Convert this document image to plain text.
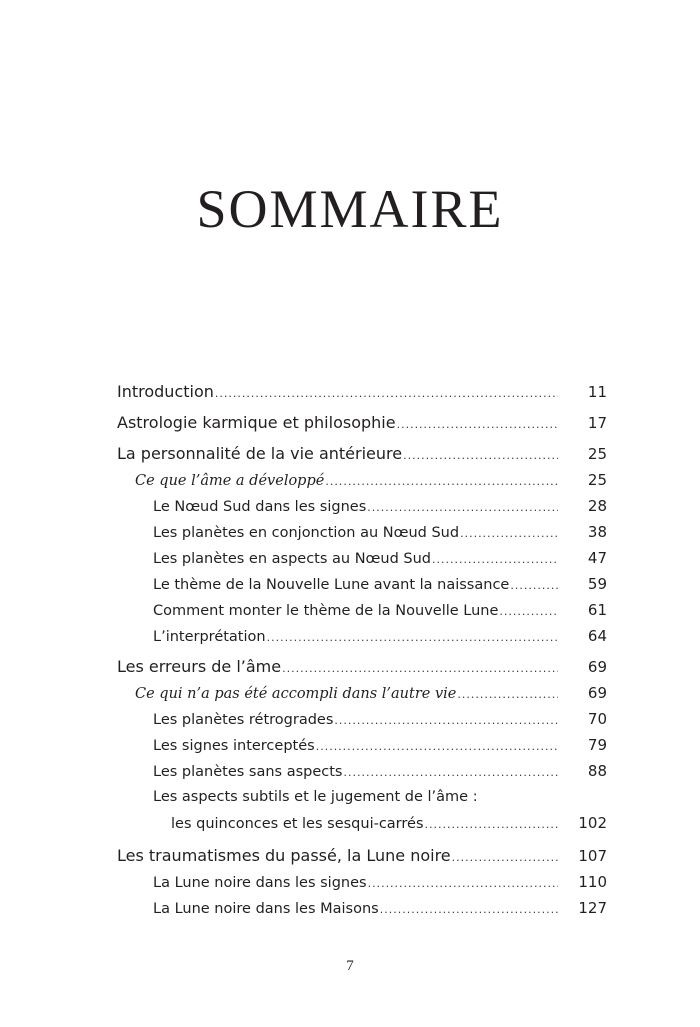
SOMMAIRE
Introduction .....	11
Astrologie karmique et philosophie .....	17
La personnalité de la vie antérieure .....	25
Ce que l’âme a développé .....	25
Le Nœud Sud dans les signes .....	28
Les planètes en conjonction au Nœud Sud .....	38
Les planètes en aspects au Nœud Sud .....	47
Le thème de la Nouvelle Lune avant la naissance .....	59
Comment monter le thème de la Nouvelle Lune .....	61
L’interprétation .....	64
Les erreurs de l’âme .....	69
Ce qui n’a pas été accompli dans l’autre vie .....	69
Les planètes rétrogrades .....	70
Les signes interceptés .....	79
Les planètes sans aspects .....	88
Les aspects subtils et le jugement de l’âme :
les quinconces et les sesqui-carrés .....	102
Les traumatismes du passé, la Lune noire .....	107
La Lune noire dans les signes .....	110
La Lune noire dans les Maisons .....	127
7
